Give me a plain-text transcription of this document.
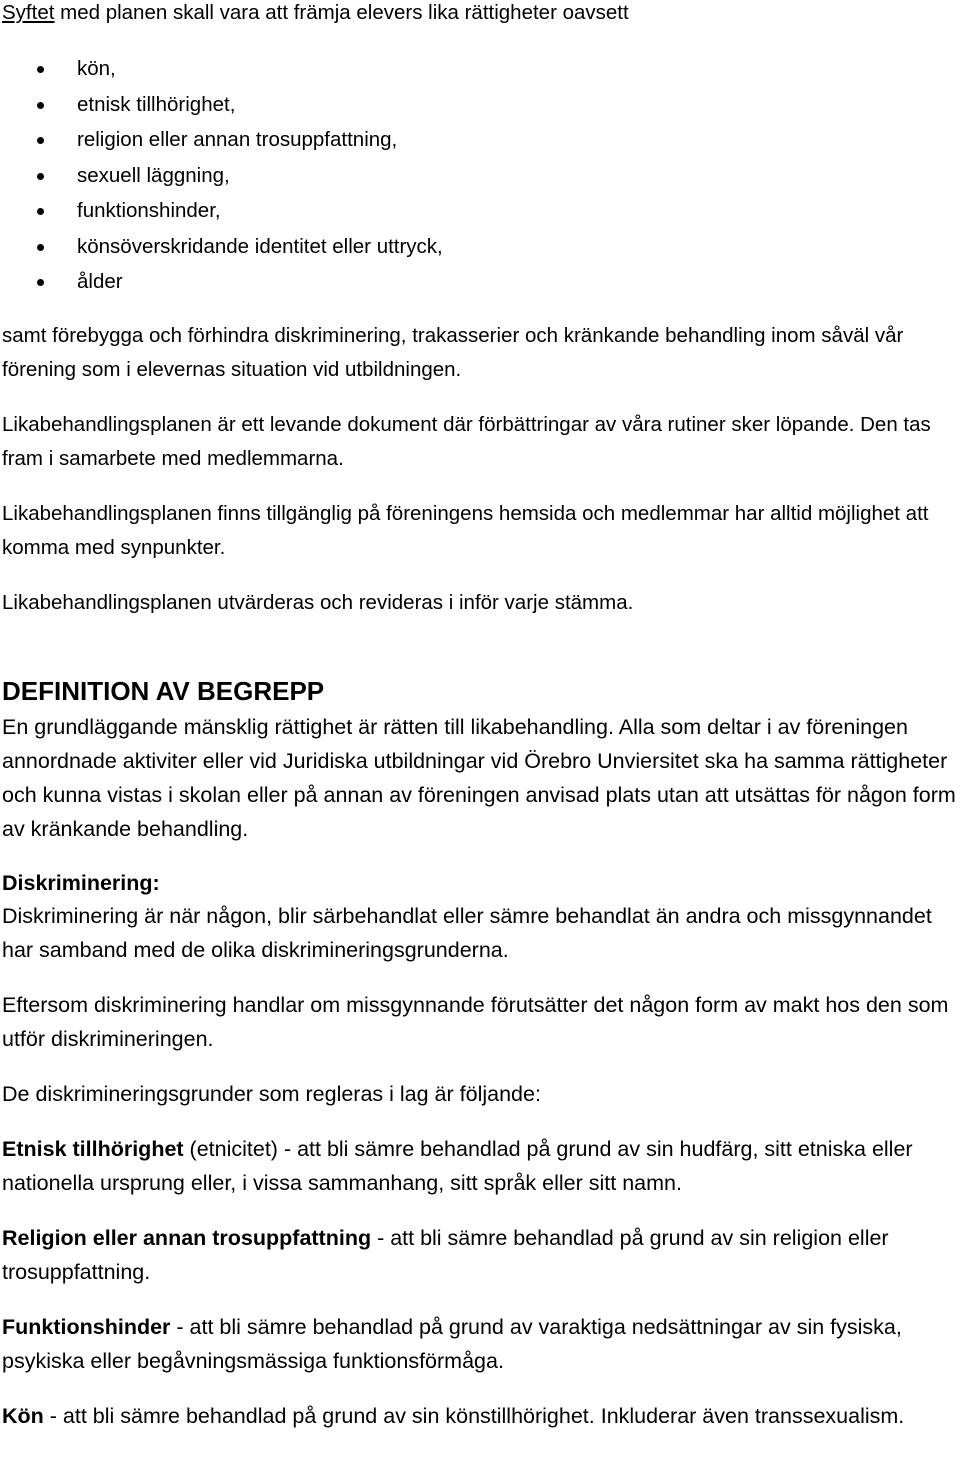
Syftet med planen skall vara att främja elevers lika rättigheter oavsett

kön,
etnisk tillhörighet,
religion eller annan trosuppfattning,
sexuell läggning,
funktionshinder,
könsöverskridande identitet eller uttryck,
ålder

samt förebygga och förhindra diskriminering, trakasserier och kränkande behandling inom såväl vår förening som i elevernas situation vid utbildningen.

Likabehandlingsplanen är ett levande dokument där förbättringar av våra rutiner sker löpande. Den tas fram i samarbete med medlemmarna.

Likabehandlingsplanen finns tillgänglig på föreningens hemsida och medlemmar har alltid möjlighet att komma med synpunkter.

Likabehandlingsplanen utvärderas och revideras i inför varje stämma.

DEFINITION AV BEGREPP

En grundläggande mänsklig rättighet är rätten till likabehandling. Alla som deltar i av föreningen annordnade aktiviter eller vid Juridiska utbildningar vid Örebro Unviersitet ska ha samma rättigheter och kunna vistas i skolan eller på annan av föreningen anvisad plats utan att utsättas för någon form av kränkande behandling.

Diskriminering:

Diskriminering är när någon, blir särbehandlat eller sämre behandlat än andra och missgynnandet har samband med de olika diskrimineringsgrunderna.

Eftersom diskriminering handlar om missgynnande förutsätter det någon form av makt hos den som utför diskrimineringen.

De diskrimineringsgrunder som regleras i lag är följande:

Etnisk tillhörighet (etnicitet) - att bli sämre behandlad på grund av sin hudfärg, sitt etniska eller nationella ursprung eller, i vissa sammanhang, sitt språk eller sitt namn.

Religion eller annan trosuppfattning - att bli sämre behandlad på grund av sin religion eller trosuppfattning.

Funktionshinder - att bli sämre behandlad på grund av varaktiga nedsättningar av sin fysiska, psykiska eller begåvningsmässiga funktionsförmåga.

Kön - att bli sämre behandlad på grund av sin könstillhörighet. Inkluderar även transsexualism.
